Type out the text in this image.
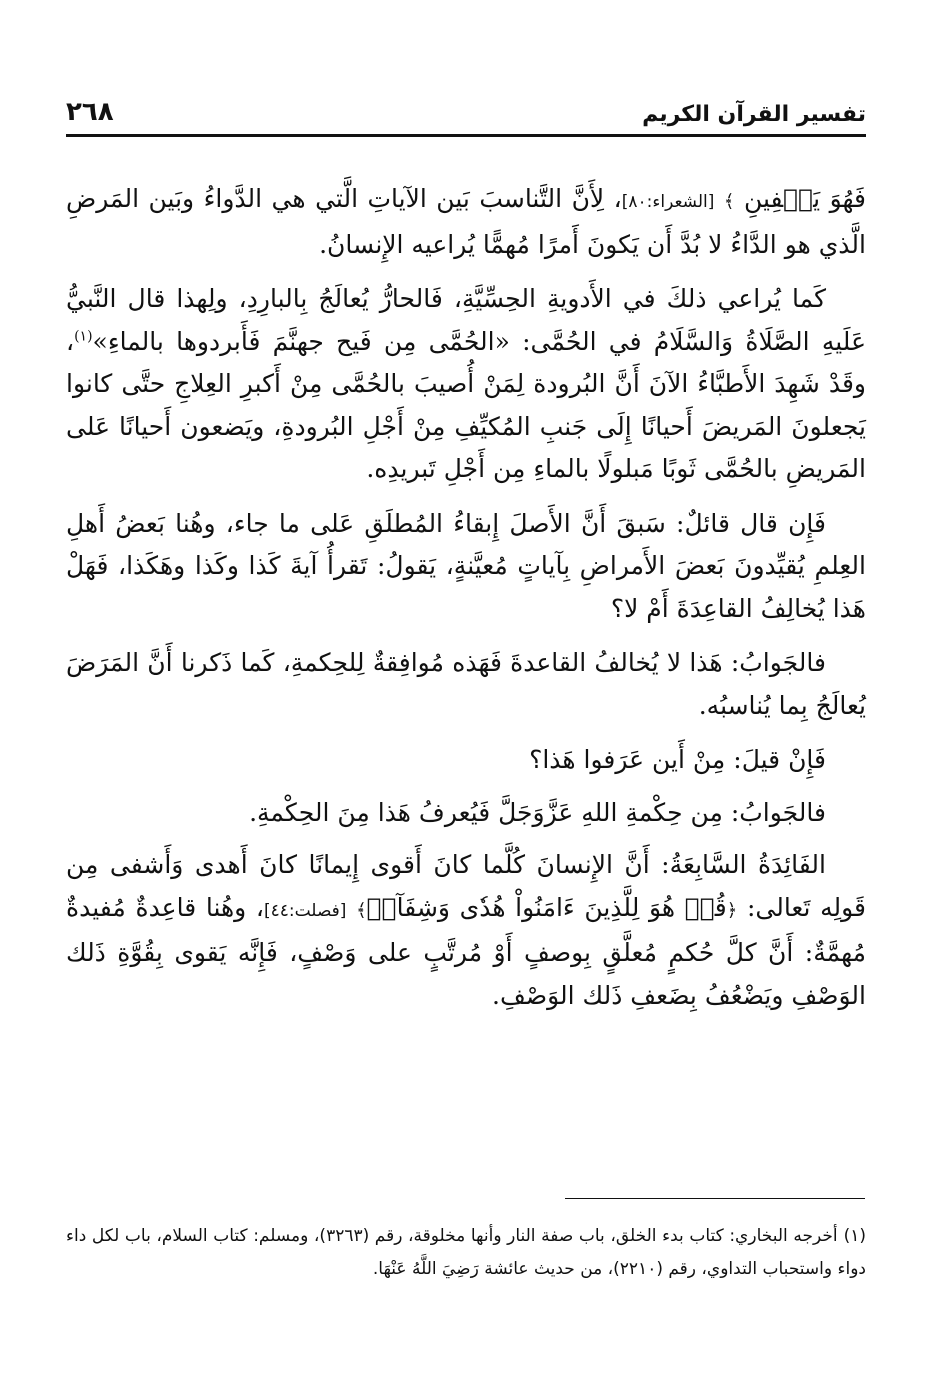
تفسير القرآن الكريم
٢٦٨

فَهُوَ يَشۡفِينِ ﴾ [الشعراء:٨٠]، لِأَنَّ التَّناسبَ بَين الآياتِ الَّتي هي الدَّواءُ وبَين المَرضِ الَّذي هو الدَّاءُ لا بُدَّ أَن يَكونَ أَمرًا مُهمًّا يُراعيه الإِنسانُ.

كَما يُراعي ذلكَ في الأَدويةِ الحِسِّيَّةِ، فَالحارُّ يُعالَجُ بِالبارِدِ، ولِهذا قال النَّبيُّ عَلَيهِ الصَّلَاةُ وَالسَّلَامُ في الحُمَّى: «الحُمَّى مِن فَيح جهنَّمَ فَأَبردوها بالماءِ»$^{(١)}$، وقَدْ شَهِدَ الأَطبَّاءُ الآنَ أَنَّ البُرودة لِمَنْ أُصيبَ بالحُمَّى مِنْ أَكبرِ العِلاجِ حتَّى كانوا يَجعلونَ المَريضَ أَحيانًا إِلَى جَنبِ المُكيِّفِ مِنْ أَجْلِ البُرودةِ، ويَضعون أَحيانًا عَلى المَريضِ بالحُمَّى ثَوبًا مَبلولًا بالماءِ مِن أَجْلِ تَبريدِه.

فَإِن قال قائلٌ: سَبقَ أَنَّ الأَصلَ إِبقاءُ المُطلَقِ عَلى ما جاء، وهُنا بَعضُ أَهلِ العِلمِ يُقيِّدونَ بَعضَ الأَمراضِ بِآياتٍ مُعيَّنةٍ، يَقولُ: تَقرأُ آيةَ كَذا وكَذا وهَكَذا، فَهَلْ هَذا يُخالِفُ القاعِدَةَ أَمْ لا؟

فالجَوابُ: هَذا لا يُخالفُ القاعدةَ فَهَذه مُوافِقةٌ لِلحِكمةِ، كَما ذَكرنا أَنَّ المَرَضَ يُعالَجُ بِما يُناسبُه.

فَإِنْ قيلَ: مِنْ أَين عَرَفوا هَذا؟

فالجَوابُ: مِن حِكْمةِ اللهِ عَزَّوَجَلَّ فَيُعرفُ هَذا مِنَ الحِكْمةِ.

الفَائِدَةُ السَّابِعَةُ: أَنَّ الإِنسانَ كُلَّما كانَ أَقوى إِيمانًا كانَ أَهدى وَأَشفى مِن قَولِه تَعالى: ﴿قُلۡ هُوَ لِلَّذِينَ ءَامَنُواْ هُدٗى وَشِفَآءٞ﴾ [فصلت:٤٤]، وهُنا قاعِدةٌ مُفيدةٌ مُهمَّةٌ: أَنَّ كلَّ حُكمٍ مُعلَّقٍ بِوصفٍ أَوْ مُرتَّبٍ على وَصْفٍ، فَإِنَّه يَقوى بِقُوَّةِ ذَلك الوَصْفِ ويَضْعُفُ بِضَعفِ ذَلك الوَصْفِ.

(١)أخرجه البخاري: كتاب بدء الخلق، باب صفة النار وأنها مخلوقة، رقم (٣٢٦٣)، ومسلم: كتاب السلام، باب لكل داء دواء واستحباب التداوي، رقم (٢٢١٠)، من حديث عائشة رَضِيَ اللَّهُ عَنْهَا.
